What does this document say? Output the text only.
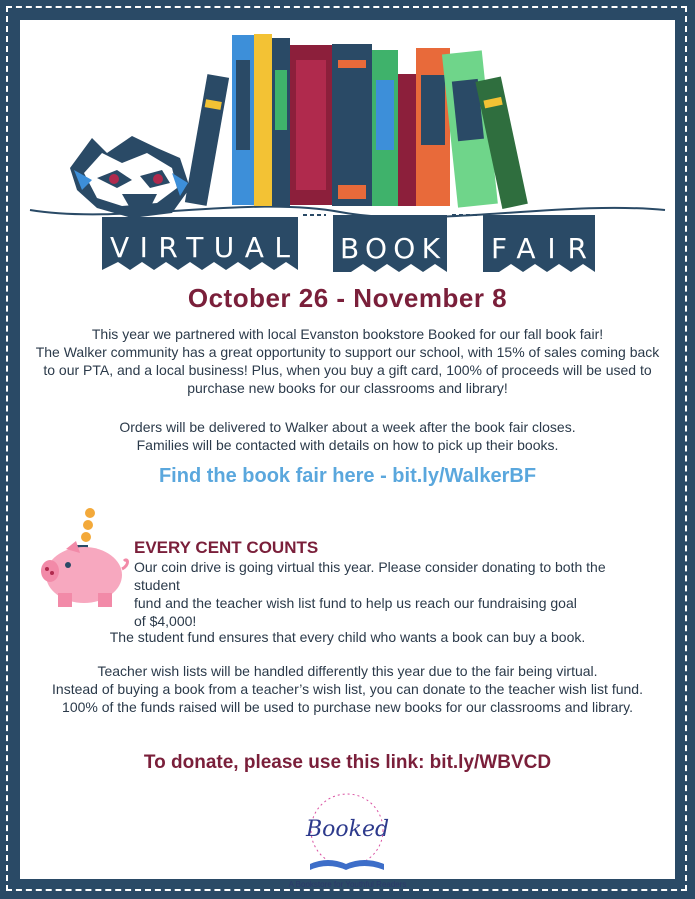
VIRTUAL BOOK FAIR
October 26 - November 8
This year we partnered with local Evanston bookstore Booked for our fall book fair!
The Walker community has a great opportunity to support our school, with 15% of sales coming back
to our PTA, and a local business! Plus, when you buy a gift card, 100% of proceeds will be used to
purchase new books for our classrooms and library!
Orders will be delivered to Walker about a week after the book fair closes.
Families will be contacted with details on how to pick up their books.
Find the book fair here - bit.ly/WalkerBF
EVERY CENT COUNTS
Our coin drive is going virtual this year. Please consider donating to both the student
fund and the teacher wish list fund to help us reach our fundraising goal
of $4,000!
The student fund ensures that every child who wants a book can buy a book.
Teacher wish lists will be handled differently this year due to the fair being virtual.
Instead of buying a book from a teacher’s wish list, you can donate to the teacher wish list fund.
100% of the funds raised will be used to purchase new books for our classrooms and library.
To donate, please use this link: bit.ly/WBVCD
Booked
A Bookstore for Youthful Readers
